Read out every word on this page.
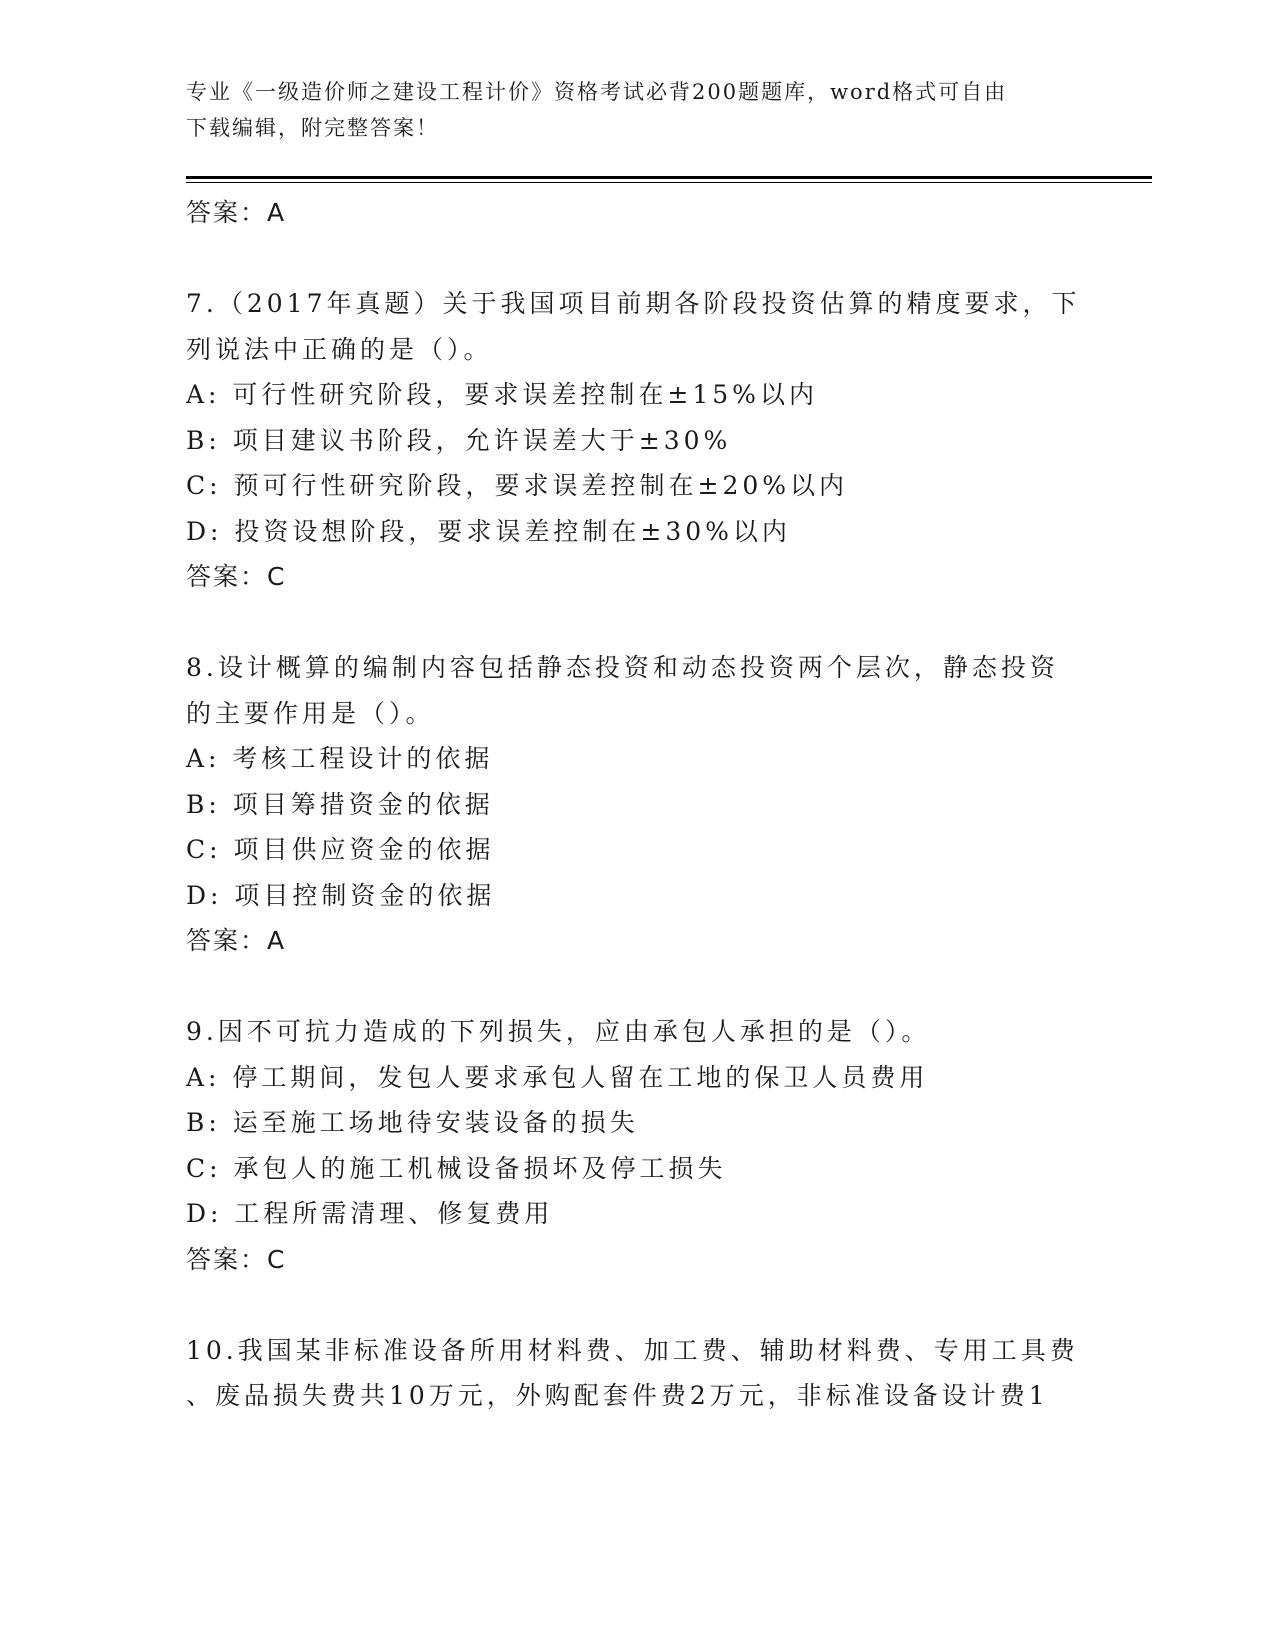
专业《一级造价师之建设工程计价》资格考试必背200题题库，word格式可自由
下载编辑，附完整答案！
答案：A
7.（2017年真题）关于我国项目前期各阶段投资估算的精度要求，下
列说法中正确的是（）。
A: 可行性研究阶段，要求误差控制在±15%以内
B: 项目建议书阶段，允许误差大于±30%
C: 预可行性研究阶段，要求误差控制在±20%以内
D: 投资设想阶段，要求误差控制在±30%以内
答案：C
8.设计概算的编制内容包括静态投资和动态投资两个层次，静态投资
的主要作用是（）。
A: 考核工程设计的依据
B: 项目筹措资金的依据
C: 项目供应资金的依据
D: 项目控制资金的依据
答案：A
9.因不可抗力造成的下列损失，应由承包人承担的是（）。
A: 停工期间，发包人要求承包人留在工地的保卫人员费用
B: 运至施工场地待安装设备的损失
C: 承包人的施工机械设备损坏及停工损失
D: 工程所需清理、修复费用
答案：C
10.我国某非标准设备所用材料费、加工费、辅助材料费、专用工具费
、废品损失费共10万元，外购配套件费2万元，非标准设备设计费1
